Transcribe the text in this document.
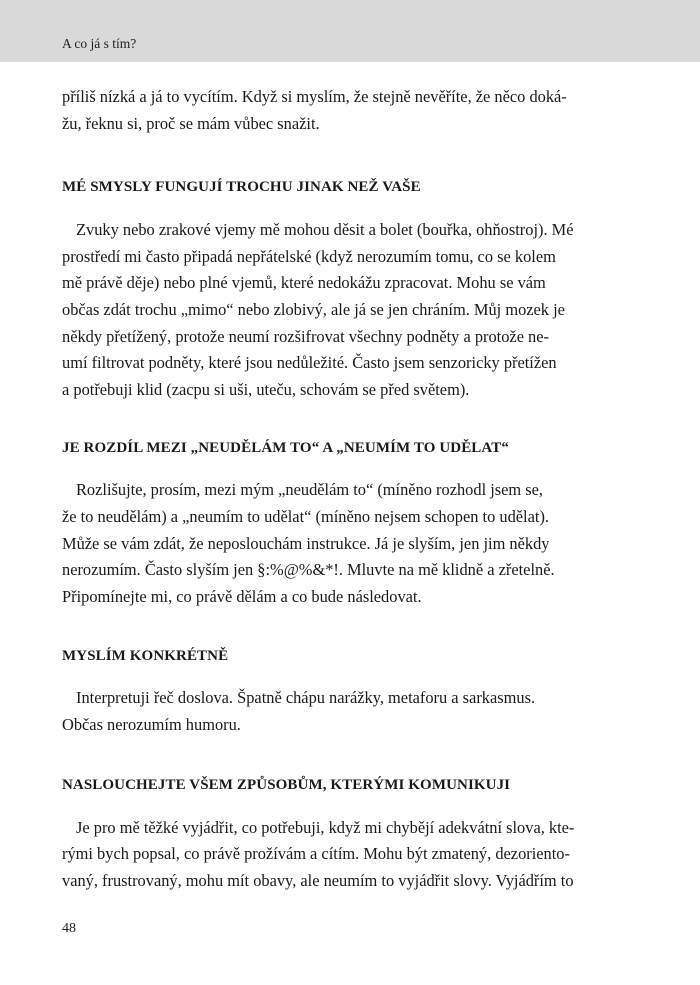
A co já s tím?

příliš nízká a já to vycítím. Když si myslím, že stejně nevěříte, že něco doká-
žu, řeknu si, proč se mám vůbec snažit.

MÉ SMYSLY FUNGUJÍ TROCHU JINAK NEŽ VAŠE

Zvuky nebo zrakové vjemy mě mohou děsit a bolet (bouřka, ohňostroj). Mé
prostředí mi často připadá nepřátelské (když nerozumím tomu, co se kolem
mě právě děje) nebo plné vjemů, které nedokážu zpracovat. Mohu se vám
občas zdát trochu „mimo“ nebo zlobivý, ale já se jen chráním. Můj mozek je
někdy přetížený, protože neumí rozšifrovat všechny podněty a protože ne-
umí filtrovat podněty, které jsou nedůležité. Často jsem senzoricky přetížen
a potřebuji klid (zacpu si uši, uteču, schovám se před světem).

JE ROZDÍL MEZI „NEUDĚLÁM TO“ A „NEUMÍM TO UDĚLAT“

Rozlišujte, prosím, mezi mým „neudělám to“ (míněno rozhodl jsem se,
že to neudělám) a „neumím to udělat“ (míněno nejsem schopen to udělat).
Může se vám zdát, že neposlouchám instrukce. Já je slyším, jen jim někdy
nerozumím. Často slyším jen §:%@%&*!. Mluvte na mě klidně a zřetelně.
Připomínejte mi, co právě dělám a co bude následovat.

MYSLÍM KONKRÉTNĚ

Interpretuji řeč doslova. Špatně chápu narážky, metaforu a sarkasmus.
Občas nerozumím humoru.

NASLOUCHEJTE VŠEM ZPŮSOBŮM, KTERÝMI KOMUNIKUJI

Je pro mě těžké vyjádřit, co potřebuji, když mi chybějí adekvátní slova, kte-
rými bych popsal, co právě prožívám a cítím. Mohu být zmatený, dezoriento-
vaný, frustrovaný, mohu mít obavy, ale neumím to vyjádřit slovy. Vyjádřím to

48
